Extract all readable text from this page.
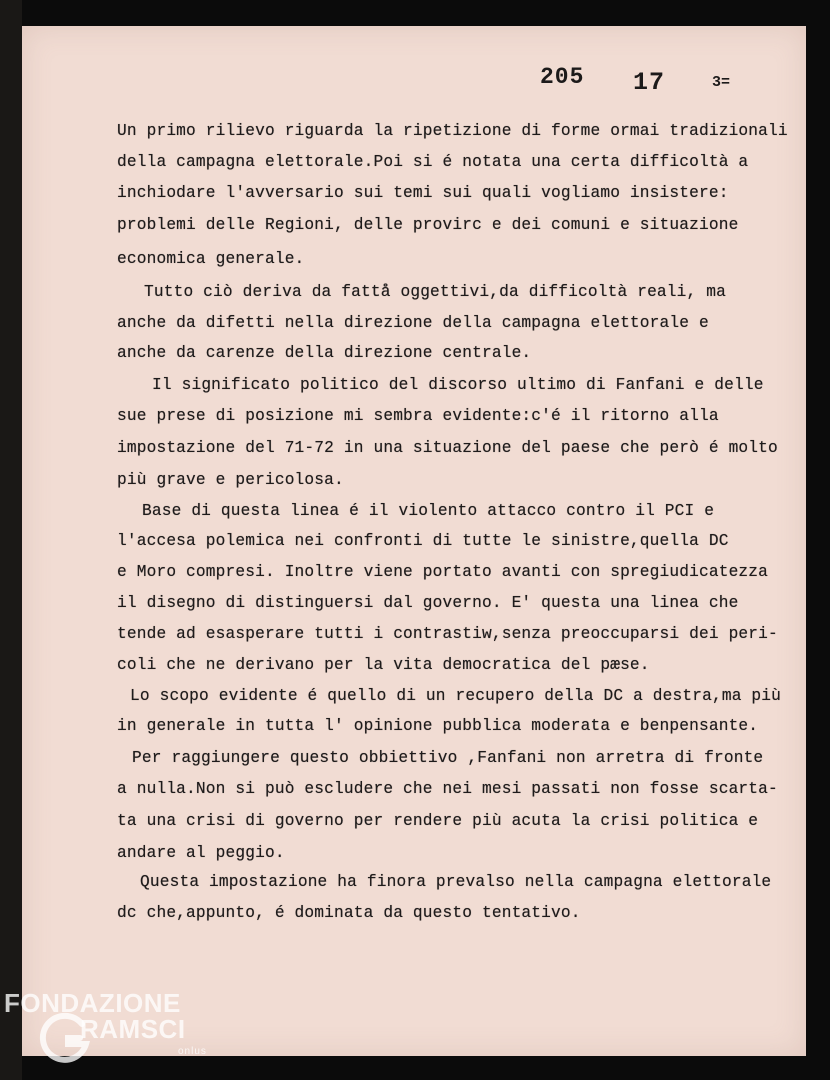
205 17	3=
Un primo rilievo riguarda la ripetizione di forme ormai tradizionali
della campagna elettorale.Poi si é notata una certa difficoltà a
inchiodare l'avversario sui temi sui quali vogliamo insistere:
problemi delle Regioni, delle provirc e dei comuni e situazione
economica generale.
Tutto ciò deriva da fattå oggettivi,da difficoltà reali, ma
anche da difetti nella direzione della campagna elettorale e
anche da carenze della direzione centrale.
Il significato politico del discorso ultimo di Fanfani e delle
sue prese di posizione mi sembra evidente:c'é il ritorno alla
impostazione del 71-72 in una situazione del paese che però é molto
più grave e pericolosa.
Base di questa linea é il violento attacco contro il PCI e
l'accesa polemica nei confronti di tutte le sinistre,quella DC
e Moro compresi. Inoltre viene portato avanti con spregiudicatezza
il disegno di distinguersi dal governo. E' questa una linea che
tende ad esasperare tutti i contrastiw,senza preoccuparsi dei peri-
coli che ne derivano per la vita democratica del pæse.
Lo scopo evidente é quello di un recupero della DC a destra,ma più
in generale in tutta l' opinione pubblica moderata e benpensante.
Per raggiungere questo obbiettivo ,Fanfani non arretra di fronte
a nulla.Non si può escludere che nei mesi passati non fosse scarta-
ta una crisi di governo per rendere più acuta la crisi politica e
andare al peggio.
Questa impostazione ha finora prevalso nella campagna elettorale
dc che,appunto, é dominata da questo tentativo.
FONDAZIONE
RAMSCI
onlus
